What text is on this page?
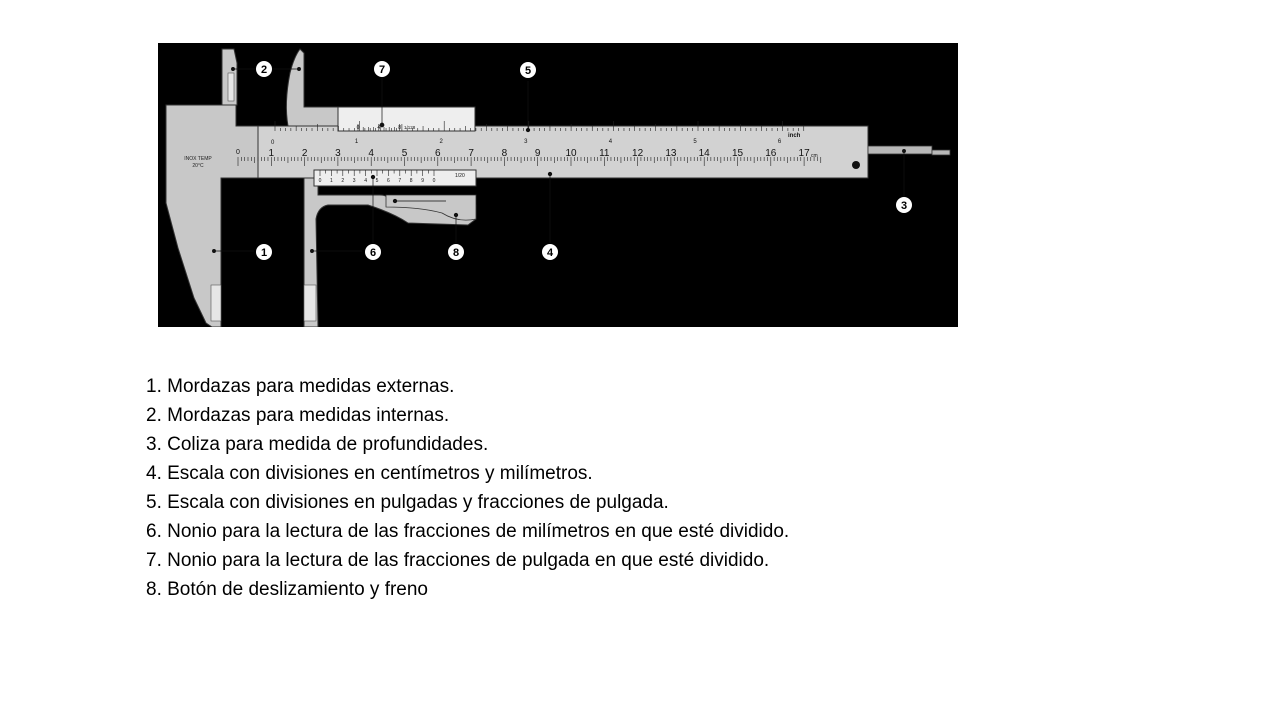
1	2	3	4	5	6	7	8	9 10 11 12 13 14 15 16 17
1	2	3	4	5	6
0 1 2 3 4 5 6 7 8 9 0
0	4	8
0
0
inch
cm
INOX TEMP
20°C
1/20
1/128
2	7	5
3
1	6	8	4
1. Mordazas para medidas externas.
2. Mordazas para medidas internas.
3. Coliza para medida de profundidades.
4. Escala con divisiones en centímetros y milímetros.
5. Escala con divisiones en pulgadas y fracciones de pulgada.
6. Nonio para la lectura de las fracciones de milímetros en que esté dividido.
7. Nonio para la lectura de las fracciones de pulgada en que esté dividido.
8. Botón de deslizamiento y freno
